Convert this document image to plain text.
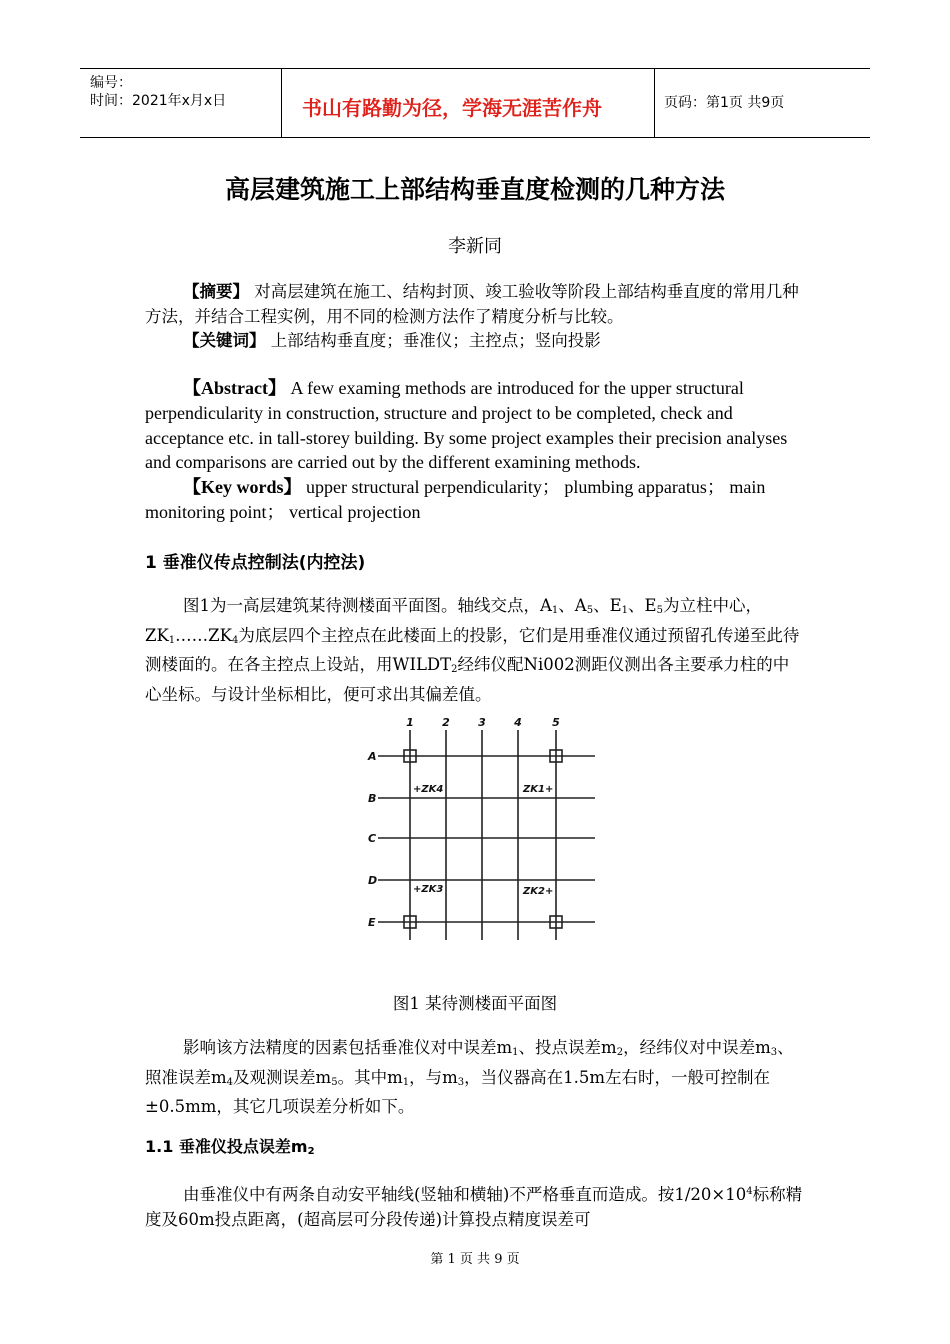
编号：
时间：2021年x月x日	书山有路勤为径，学海无涯苦作舟	页码：第1页 共9页
高层建筑施工上部结构垂直度检测的几种方法
李新同

【摘要】 对高层建筑在施工、结构封顶、竣工验收等阶段上部结构垂直度的常用几种方法，并结合工程实例，用不同的检测方法作了精度分析与比较。

【关键词】 上部结构垂直度；垂准仪；主控点；竖向投影

【Abstract】 A few examing methods are introduced for the upper structural perpendicularity in construction, structure and project to be completed, check and acceptance etc. in tall-storey building. By some project examples their precision analyses and comparisons are carried out by the different examining methods.

【Key words】 upper structural perpendicularity； plumbing apparatus； main monitoring point； vertical projection

1 垂准仪传点控制法(内控法)

图1为一高层建筑某待测楼面平面图。轴线交点，$A_1$、$A_5$、$E_1$、$E_5$为立柱中心，$ZK_1\dots\dots ZK_4$为底层四个主控点在此楼面上的投影，它们是用垂准仪通过预留孔传递至此待测楼面的。在各主控点上设站，用$WILDT_2$经纬仪配Ni002测距仪测出各主要承力柱的中心坐标。与设计坐标相比，便可求出其偏差值。

1	2	3	4	5
A
B
C
D
E
+ZK4	ZK1+
+ZK3	ZK2+
图1 某待测楼面平面图

影响该方法精度的因素包括垂准仪对中误差$m_1$、投点误差$m_2$，经纬仪对中误差$m_3$、照准误差$m_4$及观测误差$m_5$。其中$m_1$，与$m_3$，当仪器高在1.5m左右时，一般可控制在±0.5mm，其它几项误差分析如下。

1.1 垂准仪投点误差$m_2$

由垂准仪中有两条自动安平轴线(竖轴和横轴)不严格垂直而造成。按$1/20\times 10^4$标称精度及60m投点距离，(超高层可分段传递)计算投点精度误差可

第 1 页 共 9 页
